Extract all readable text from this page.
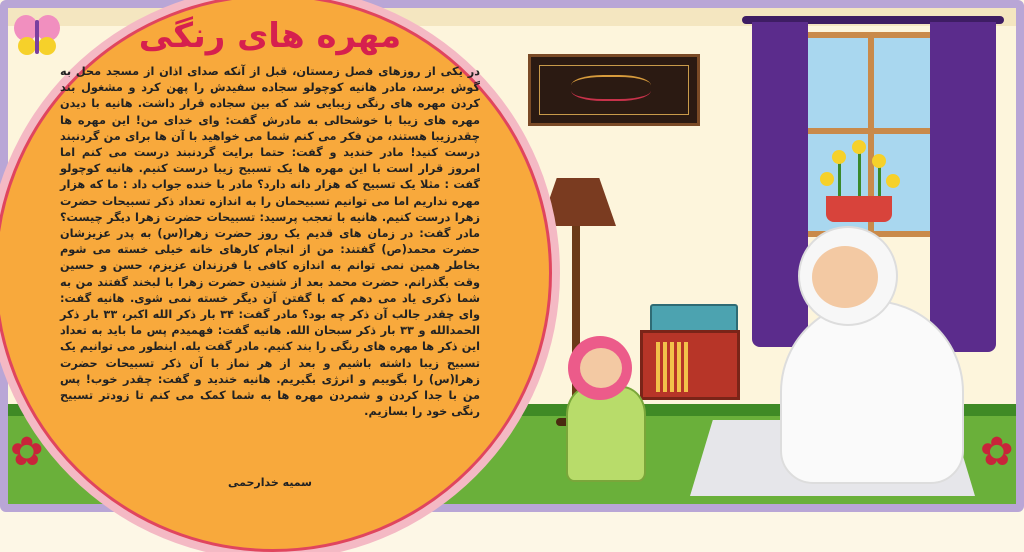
✿	✿
مهره های رنگی
در یکی از روزهای فصل زمستان، قبل از آنکه صدای اذان از مسجد محل به گوش برسد، مادر هانیه کوچولو سجاده سفیدش را پهن کرد و مشغول بند کردن مهره های رنگی زیبایی شد که بین سجاده قرار داشت. هانیه با دیدن مهره های زیبا با خوشحالی به مادرش گفت: وای خدای من! این مهره ها چقدرزیبا هستند، من فکر می کنم شما می خواهید با آن ها برای من گردنبند درست کنید! مادر خندید و گفت: حتما برایت گردنبند درست می کنم اما امروز قرار است با این مهره ها یک تسبیح زیبا درست کنیم. هانیه کوچولو گفت : مثلا یک تسبیح که هزار دانه دارد؟ مادر با خنده جواب داد : ما که هزار مهره نداریم اما می توانیم تسبیحمان را به اندازه تعداد ذکر تسبیحات حضرت زهرا درست کنیم. هانیه با تعجب پرسید: تسبیحات حضرت زهرا دیگر چیست؟ مادر گفت: در زمان های قدیم یک روز حضرت زهرا(س) به پدر عزیزشان حضرت محمد(ص) گفتند: من از انجام کارهای خانه خیلی خسته می شوم بخاطر همین نمی توانم به اندازه کافی با فرزندان عزیزم، حسن و حسین وقت بگذرانم. حضرت محمد بعد از شنیدن حضرت زهرا با لبخند گفتند من به شما ذکری یاد می دهم که با گفتن آن دیگر خسته نمی شوی. هانیه گفت: وای چقدر جالب آن ذکر چه بود؟ مادر گفت: ۳۴ بار ذکر الله اکبر، ۳۳ بار ذکر الحمدالله و ۳۳ بار ذکر سبحان الله. هانیه گفت: فهمیدم پس ما باید به تعداد این ذکر ها مهره های رنگی را بند کنیم. مادر گفت بله. اینطور می توانیم یک تسبیح زیبا داشته باشیم و بعد از هر نماز با آن ذکر تسبیحات حضرت زهرا(س) را بگوییم و انرژی بگیریم. هانیه خندید و گفت: چقدر خوب! پس من با جدا کردن و شمردن مهره ها به شما کمک می کنم تا زودتر تسبیح رنگی خود را بسازیم.
سمیه خدارحمی
